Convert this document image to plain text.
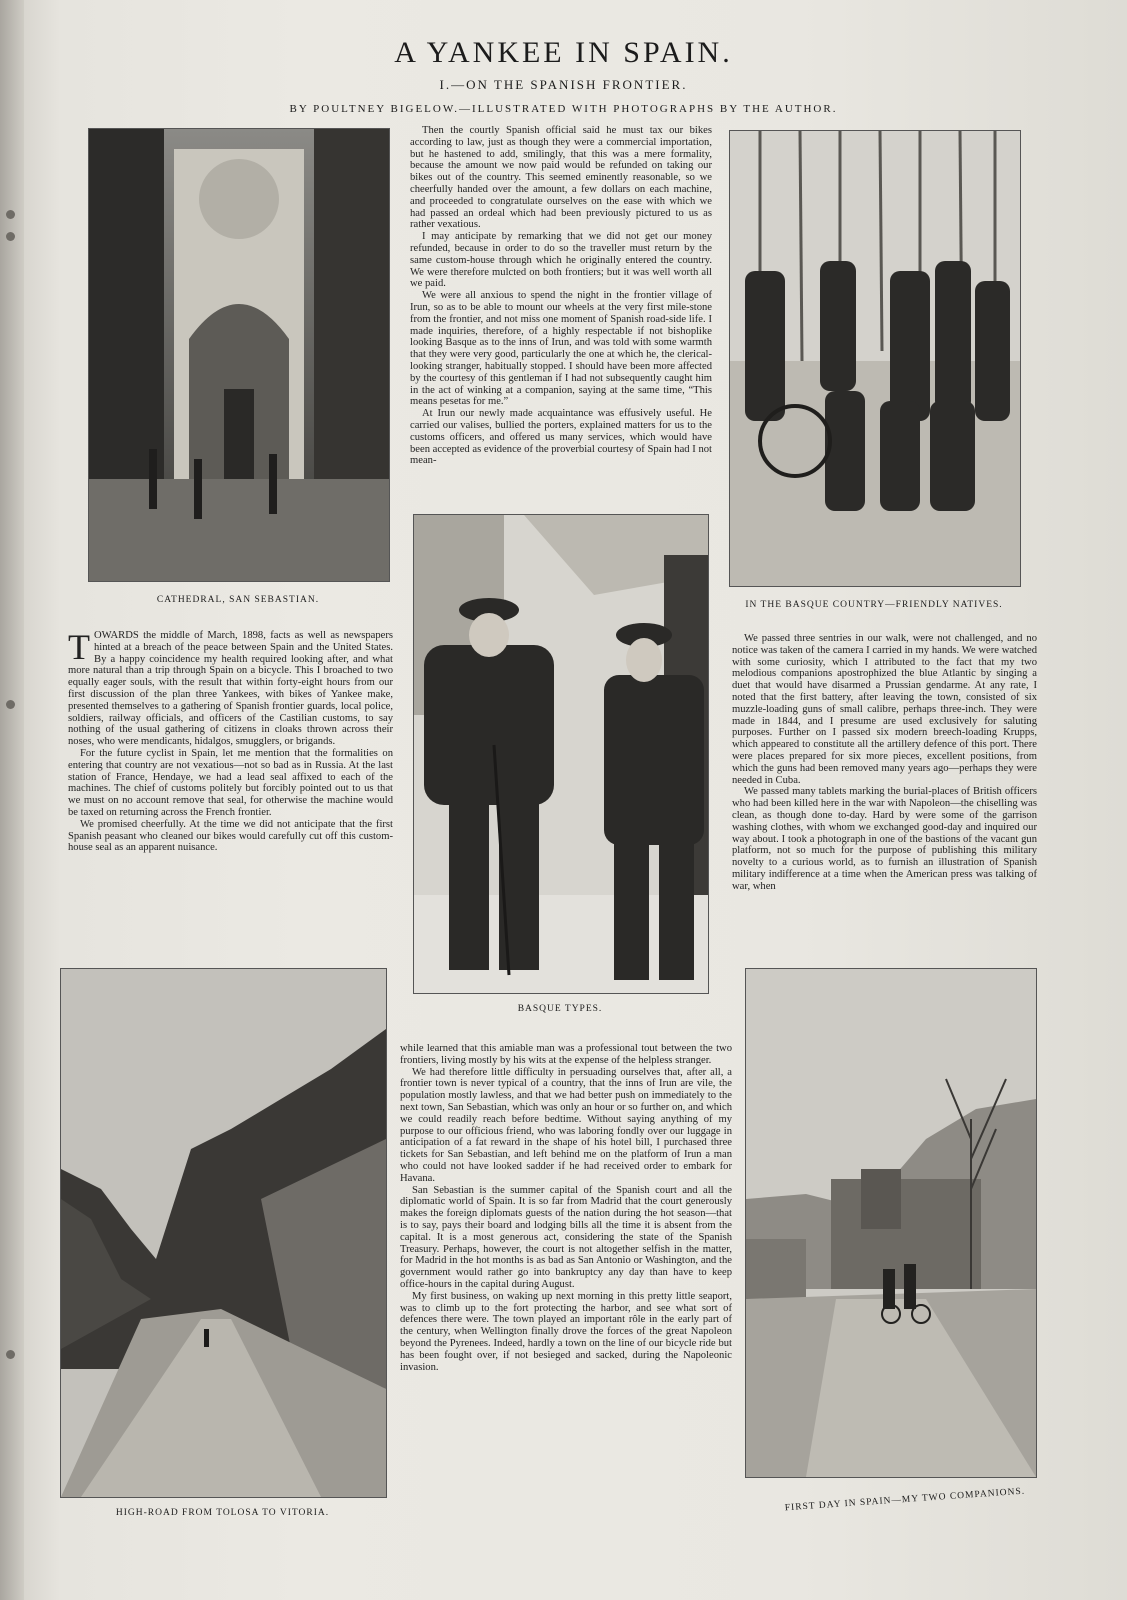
A YANKEE IN SPAIN.
I.—ON THE SPANISH FRONTIER.
BY POULTNEY BIGELOW.—ILLUSTRATED WITH PHOTOGRAPHS BY THE AUTHOR.
CATHEDRAL, SAN SEBASTIAN.	IN THE BASQUE COUNTRY—FRIENDLY NATIVES.
BASQUE TYPES.
HIGH-ROAD FROM TOLOSA TO VITORIA.	FIRST DAY IN SPAIN—MY TWO COMPANIONS.
T OWARDS the middle of March, 1898, facts as well as newspapers hinted at a breach of the peace between Spain and the United States. By a happy coincidence my health required looking after, and what more natural than a trip through Spain on a bicycle. This I broached to two equally eager souls, with the result that within forty-eight hours from our first discussion of the plan three Yankees, with bikes of Yankee make, presented themselves to a gathering of Spanish frontier guards, local police, soldiers, railway officials, and officers of the Castilian customs, to say nothing of the usual gathering of citizens in cloaks thrown across their noses, who were mendicants, hidalgos, smugglers, or brigands.

For the future cyclist in Spain, let me mention that the formalities on entering that country are not vexatious—not so bad as in Russia. At the last station of France, Hendaye, we had a lead seal affixed to each of the machines. The chief of customs politely but forcibly pointed out to us that we must on no account remove that seal, for otherwise the machine would be taxed on returning across the French frontier.

We promised cheerfully. At the time we did not anticipate that the first Spanish peasant who cleaned our bikes would carefully cut off this custom-house seal as an apparent nuisance.

Then the courtly Spanish official said he must tax our bikes according to law, just as though they were a commercial importation, but he hastened to add, smilingly, that this was a mere formality, because the amount we now paid would be refunded on taking our bikes out of the country. This seemed eminently reasonable, so we cheerfully handed over the amount, a few dollars on each machine, and proceeded to congratulate ourselves on the ease with which we had passed an ordeal which had been previously pictured to us as rather vexatious.

I may anticipate by remarking that we did not get our money refunded, because in order to do so the traveller must return by the same custom-house through which he originally entered the country. We were therefore mulcted on both frontiers; but it was well worth all we paid.

We were all anxious to spend the night in the frontier village of Irun, so as to be able to mount our wheels at the very first mile-stone from the frontier, and not miss one moment of Spanish road-side life. I made inquiries, therefore, of a highly respectable if not bishoplike looking Basque as to the inns of Irun, and was told with some warmth that they were very good, particularly the one at which he, the clerical-looking stranger, habitually stopped. I should have been more affected by the courtesy of this gentleman if I had not subsequently caught him in the act of winking at a companion, saying at the same time, “This means pesetas for me.”

At Irun our newly made acquaintance was effusively useful. He carried our valises, bullied the porters, explained matters for us to the customs officers, and offered us many services, which would have been accepted as evidence of the proverbial courtesy of Spain had I not mean-

We passed three sentries in our walk, were not challenged, and no notice was taken of the camera I carried in my hands. We were watched with some curiosity, which I attributed to the fact that my two melodious companions apostrophized the blue Atlantic by singing a duet that would have disarmed a Prussian gendarme. At any rate, I noted that the first battery, after leaving the town, consisted of six muzzle-loading guns of small calibre, perhaps three-inch. They were made in 1844, and I presume are used exclusively for saluting purposes. Further on I passed six modern breech-loading Krupps, which appeared to constitute all the artillery defence of this port. There were places prepared for six more pieces, excellent positions, from which the guns had been removed many years ago—perhaps they were needed in Cuba.

We passed many tablets marking the burial-places of British officers who had been killed here in the war with Napoleon—the chiselling was clean, as though done to-day. Hard by were some of the garrison washing clothes, with whom we exchanged good-day and inquired our way about. I took a photograph in one of the bastions of the vacant gun platform, not so much for the purpose of publishing this military novelty to a curious world, as to furnish an illustration of Spanish military indifference at a time when the American press was talking of war, when

while learned that this amiable man was a professional tout between the two frontiers, living mostly by his wits at the expense of the helpless stranger.

We had therefore little difficulty in persuading ourselves that, after all, a frontier town is never typical of a country, that the inns of Irun are vile, the population mostly lawless, and that we had better push on immediately to the next town, San Sebastian, which was only an hour or so further on, and which we could readily reach before bedtime. Without saying anything of my purpose to our officious friend, who was laboring fondly over our luggage in anticipation of a fat reward in the shape of his hotel bill, I purchased three tickets for San Sebastian, and left behind me on the platform of Irun a man who could not have looked sadder if he had received order to embark for Havana.

San Sebastian is the summer capital of the Spanish court and all the diplomatic world of Spain. It is so far from Madrid that the court generously makes the foreign diplomats guests of the nation during the hot season—that is to say, pays their board and lodging bills all the time it is absent from the capital. It is a most generous act, considering the state of the Spanish Treasury. Perhaps, however, the court is not altogether selfish in the matter, for Madrid in the hot months is as bad as San Antonio or Washington, and the government would rather go into bankruptcy any day than have to keep office-hours in the capital during August.

My first business, on waking up next morning in this pretty little seaport, was to climb up to the fort protecting the harbor, and see what sort of defences there were. The town played an important rôle in the early part of the century, when Wellington finally drove the forces of the great Napoleon beyond the Pyrenees. Indeed, hardly a town on the line of our bicycle ride but has been fought over, if not besieged and sacked, during the Napoleonic invasion.
